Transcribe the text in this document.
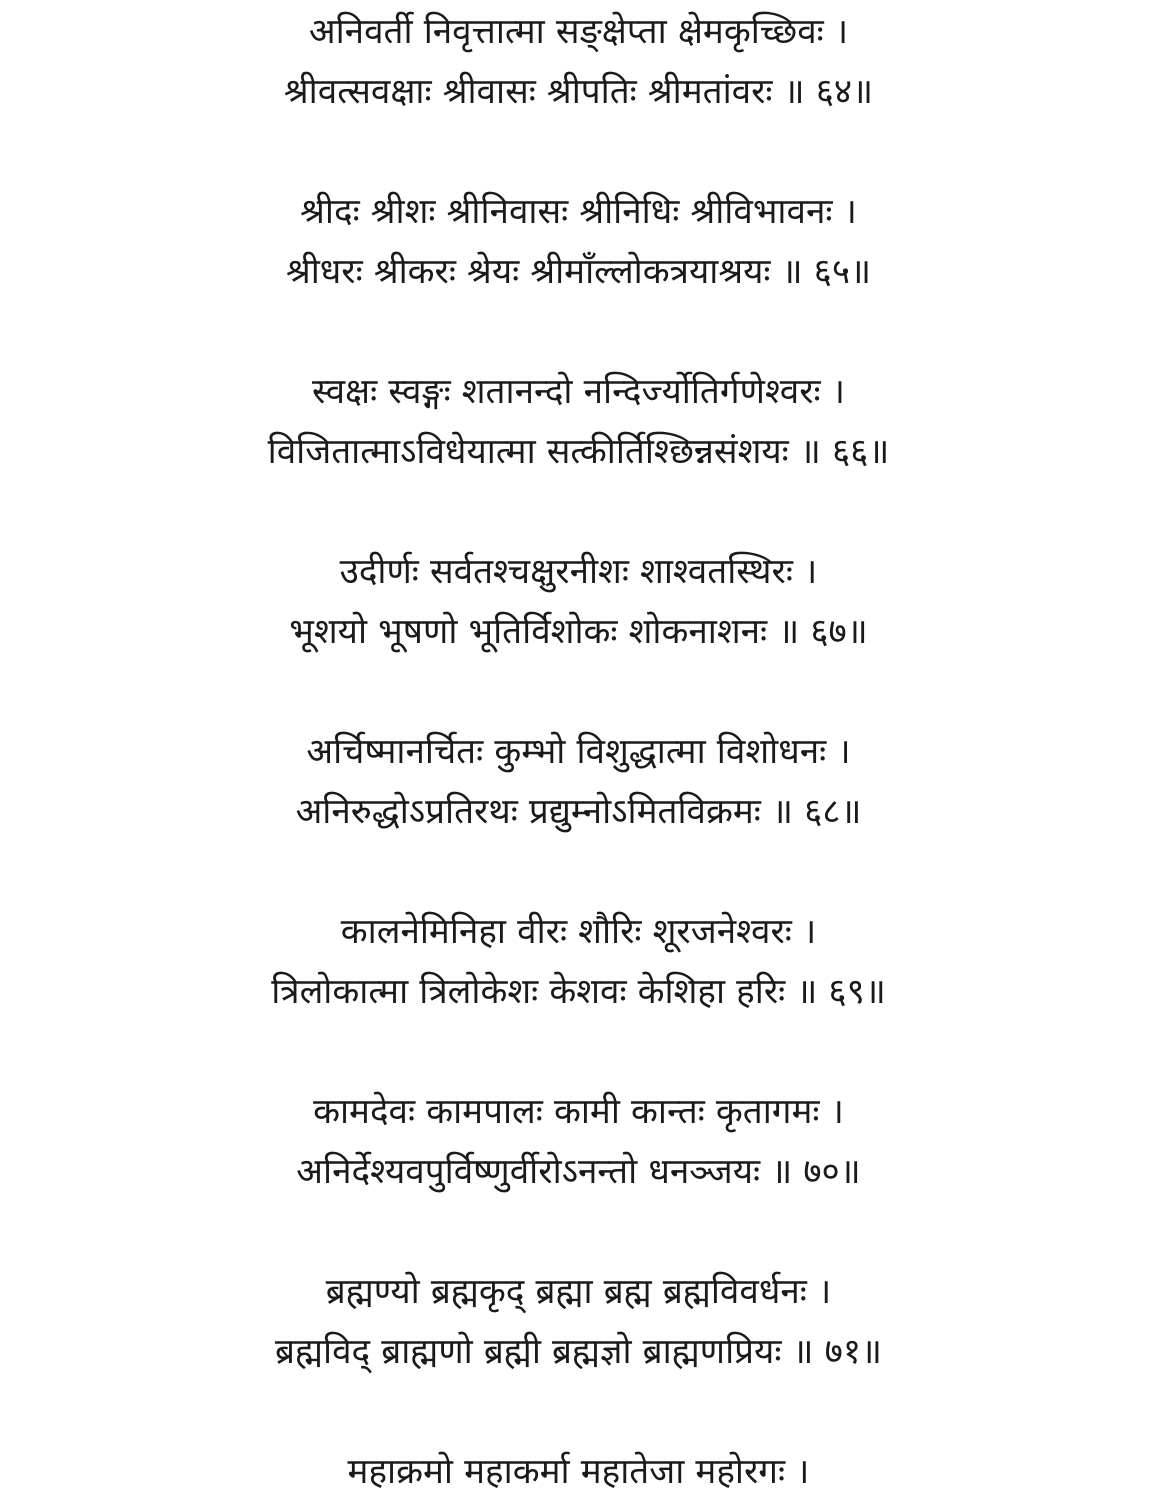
अनिवर्ती निवृत्तात्मा सङ्क्षेप्ता क्षेमकृच्छिवः ।
श्रीवत्सवक्षाः श्रीवासः श्रीपतिः श्रीमतांवरः ॥ ६४॥
श्रीदः श्रीशः श्रीनिवासः श्रीनिधिः श्रीविभावनः ।
श्रीधरः श्रीकरः श्रेयः श्रीमाँल्लोकत्रयाश्रयः ॥ ६५॥
स्वक्षः स्वङ्गः शतानन्दो नन्दिर्ज्योतिर्गणेश्वरः ।
विजितात्माऽविधेयात्मा सत्कीर्तिश्छिन्नसंशयः ॥ ६६॥
उदीर्णः सर्वतश्चक्षुरनीशः शाश्वतस्थिरः ।
भूशयो भूषणो भूतिर्विशोकः शोकनाशनः ॥ ६७॥
अर्चिष्मानर्चितः कुम्भो विशुद्धात्मा विशोधनः ।
अनिरुद्धोऽप्रतिरथः प्रद्युम्नोऽमितविक्रमः ॥ ६८॥
कालनेमिनिहा वीरः शौरिः शूरजनेश्वरः ।
त्रिलोकात्मा त्रिलोकेशः केशवः केशिहा हरिः ॥ ६९॥
कामदेवः कामपालः कामी कान्तः कृतागमः ।
अनिर्देश्यवपुर्विष्णुर्वीरोऽनन्तो धनञ्जयः ॥ ७०॥
ब्रह्मण्यो ब्रह्मकृद् ब्रह्मा ब्रह्म ब्रह्मविवर्धनः ।
ब्रह्मविद् ब्राह्मणो ब्रह्मी ब्रह्मज्ञो ब्राह्मणप्रियः ॥ ७१॥
महाक्रमो महाकर्मा महातेजा महोरगः ।
